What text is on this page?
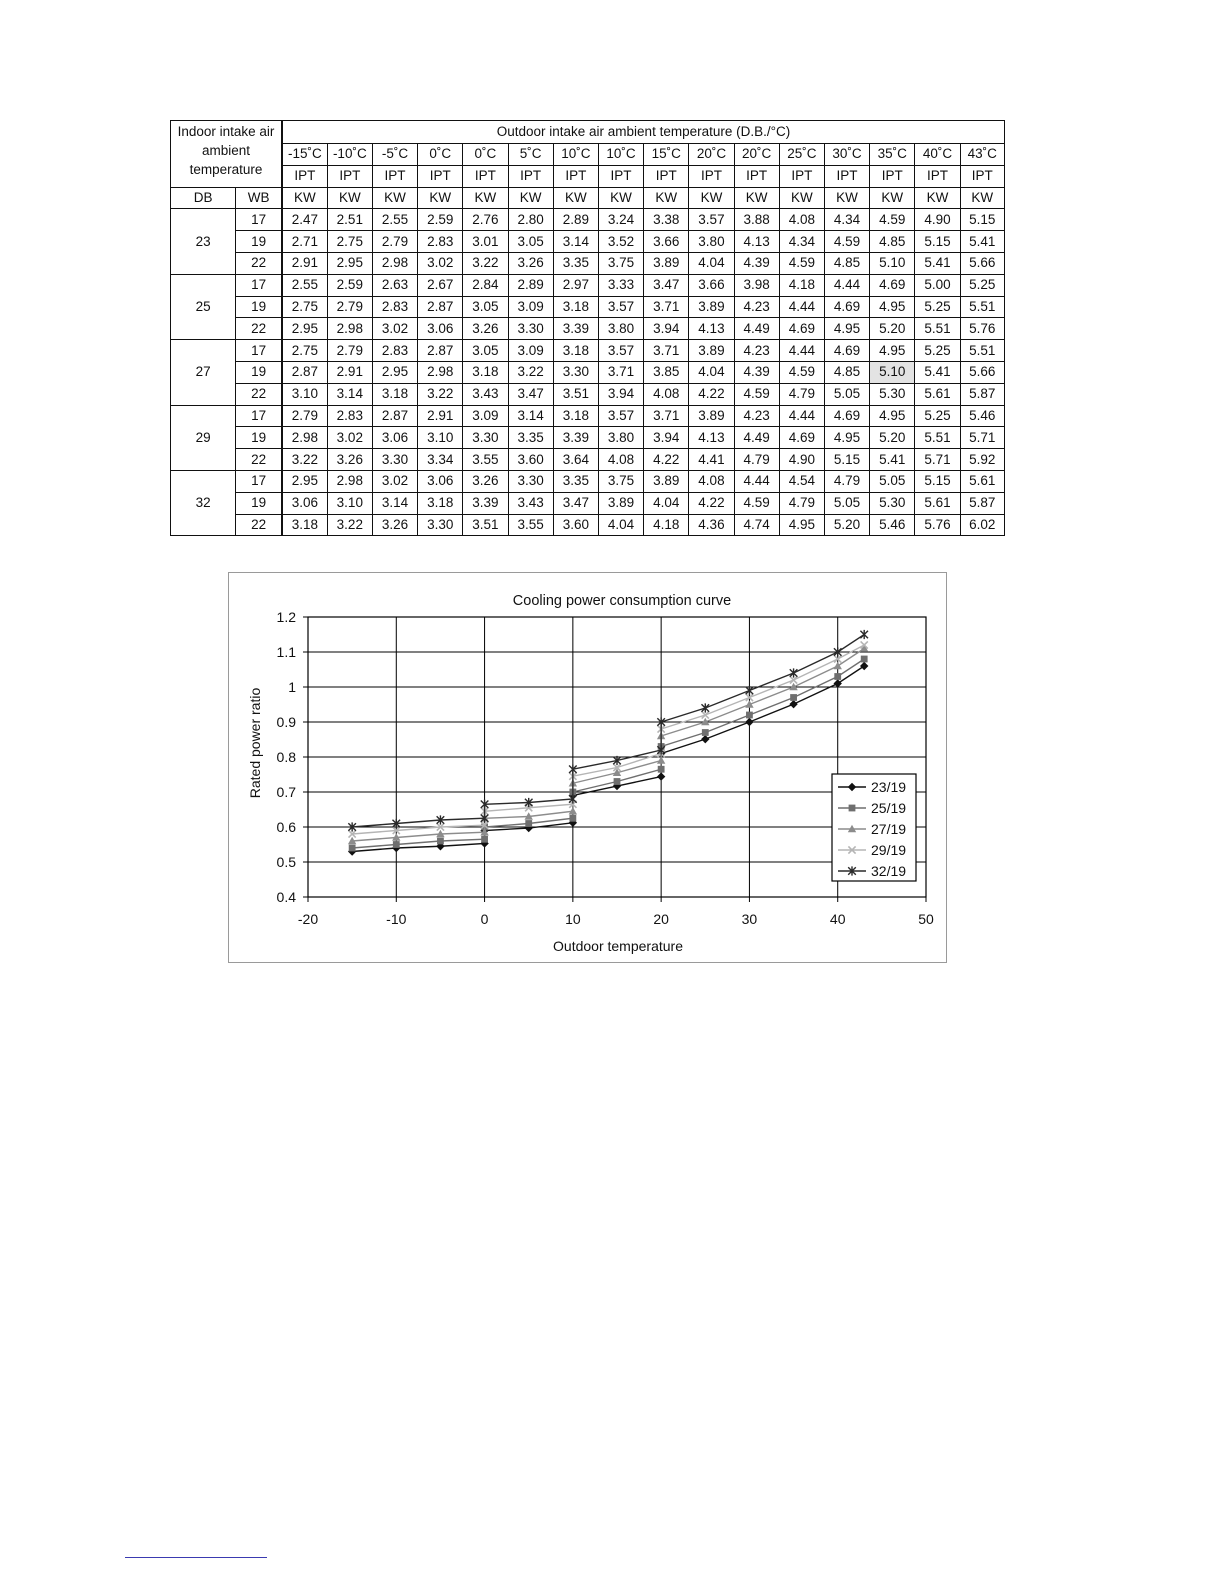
Indoor intake air
ambient
temperature		Outdoor intake air ambient temperature (D.B./°C)															
		-15˚C	-10˚C	-5˚C	0˚C	0˚C	5˚C	10˚C	10˚C	15˚C	20˚C	20˚C	25˚C	30˚C	35˚C	40˚C	43˚C
		IPT	IPT	IPT	IPT	IPT	IPT	IPT	IPT	IPT	IPT	IPT	IPT	IPT	IPT	IPT	IPT
DB	WB	KW	KW	KW	KW	KW	KW	KW	KW	KW	KW	KW	KW	KW	KW	KW	KW
23	17	2.47	2.51	2.55	2.59	2.76	2.80	2.89	3.24	3.38	3.57	3.88	4.08	4.34	4.59	4.90	5.15
	19	2.71	2.75	2.79	2.83	3.01	3.05	3.14	3.52	3.66	3.80	4.13	4.34	4.59	4.85	5.15	5.41
	22	2.91	2.95	2.98	3.02	3.22	3.26	3.35	3.75	3.89	4.04	4.39	4.59	4.85	5.10	5.41	5.66
25	17	2.55	2.59	2.63	2.67	2.84	2.89	2.97	3.33	3.47	3.66	3.98	4.18	4.44	4.69	5.00	5.25
	19	2.75	2.79	2.83	2.87	3.05	3.09	3.18	3.57	3.71	3.89	4.23	4.44	4.69	4.95	5.25	5.51
	22	2.95	2.98	3.02	3.06	3.26	3.30	3.39	3.80	3.94	4.13	4.49	4.69	4.95	5.20	5.51	5.76
27	17	2.75	2.79	2.83	2.87	3.05	3.09	3.18	3.57	3.71	3.89	4.23	4.44	4.69	4.95	5.25	5.51
	19	2.87	2.91	2.95	2.98	3.18	3.22	3.30	3.71	3.85	4.04	4.39	4.59	4.85	5.10	5.41	5.66
	22	3.10	3.14	3.18	3.22	3.43	3.47	3.51	3.94	4.08	4.22	4.59	4.79	5.05	5.30	5.61	5.87
29	17	2.79	2.83	2.87	2.91	3.09	3.14	3.18	3.57	3.71	3.89	4.23	4.44	4.69	4.95	5.25	5.46
	19	2.98	3.02	3.06	3.10	3.30	3.35	3.39	3.80	3.94	4.13	4.49	4.69	4.95	5.20	5.51	5.71
	22	3.22	3.26	3.30	3.34	3.55	3.60	3.64	4.08	4.22	4.41	4.79	4.90	5.15	5.41	5.71	5.92
32	17	2.95	2.98	3.02	3.06	3.26	3.30	3.35	3.75	3.89	4.08	4.44	4.54	4.79	5.05	5.15	5.61
	19	3.06	3.10	3.14	3.18	3.39	3.43	3.47	3.89	4.04	4.22	4.59	4.79	5.05	5.30	5.61	5.87
	22	3.18	3.22	3.26	3.30	3.51	3.55	3.60	4.04	4.18	4.36	4.74	4.95	5.20	5.46	5.76	6.02
Cooling power consumption curve
0.4
0.5
0.6
0.7
0.8
0.9
1
1.1
1.2
-20	-10	0	10	20	30	40	50
Outdoor temperature
Rated power ratio	23/19
25/19
27/19
29/19
32/19
